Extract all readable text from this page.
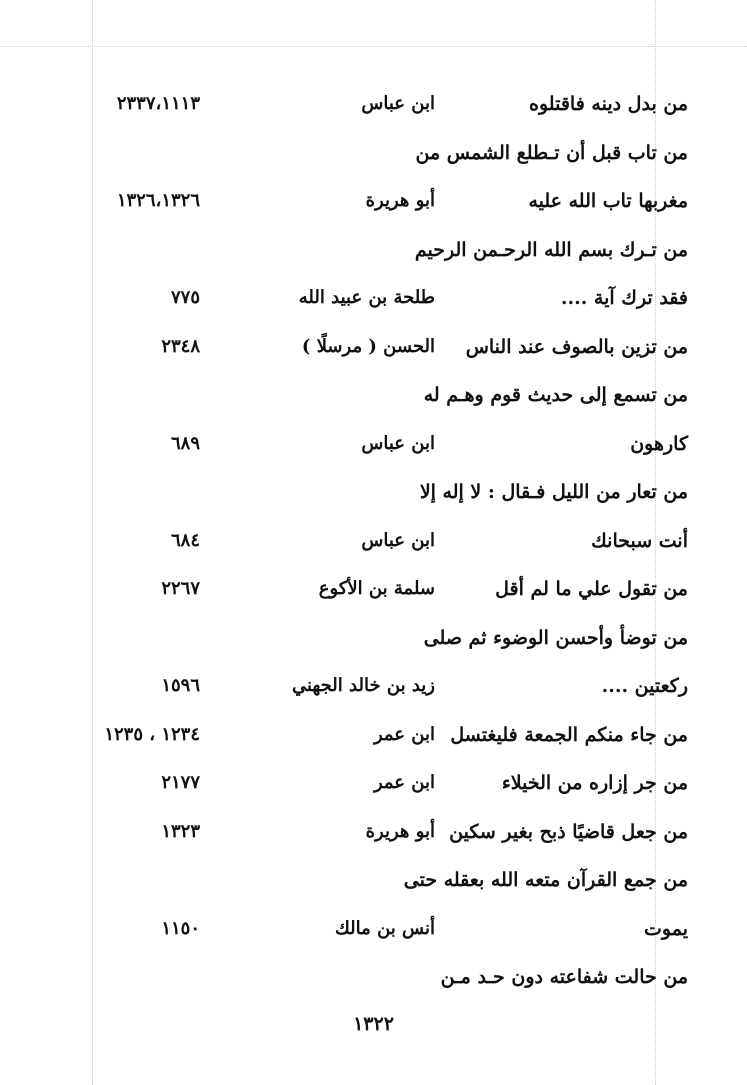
من بدل دينه فاقتلوه
ابن عباس
٢٣٣٧،١١١٣
من تاب قبل أن تـطلع الشمس من
مغربها تاب الله عليه
أبو هريرة
١٣٢٦،١٣٢٦
من تـرك بسم الله الرحـمن الرحيم
فقد ترك آية ....
طلحة بن عبيد الله
٧٧٥
من تزين بالصوف عند الناس
الحسن ( مرسلًا )
٢٣٤٨
من تسمع إلى حديث قوم وهـم له
كارهون
ابن عباس
٦٨٩
من تعار من الليل فـقال : لا إله إلا
أنت سبحانك
ابن عباس
٦٨٤
من تقول علي ما لم أقل
سلمة بن الأكوع
٢٢٦٧
من توضأ وأحسن الوضوء ثم صلى
ركعتين ....
زيد بن خالد الجهني
١٥٩٦
من جاء منكم الجمعة فليغتسل
ابن عمر
١٢٣٤ ، ١٢٣٥
من جر إزاره من الخيلاء
ابن عمر
٢١٧٧
من جعل قاضيًا ذبح بغير سكين
أبو هريرة
١٣٢٣
من جمع القرآن متعه الله بعقله حتى
يموت
أنس بن مالك
١١٥٠
من حالت شفاعته دون حـد مـن
١٣٢٢
